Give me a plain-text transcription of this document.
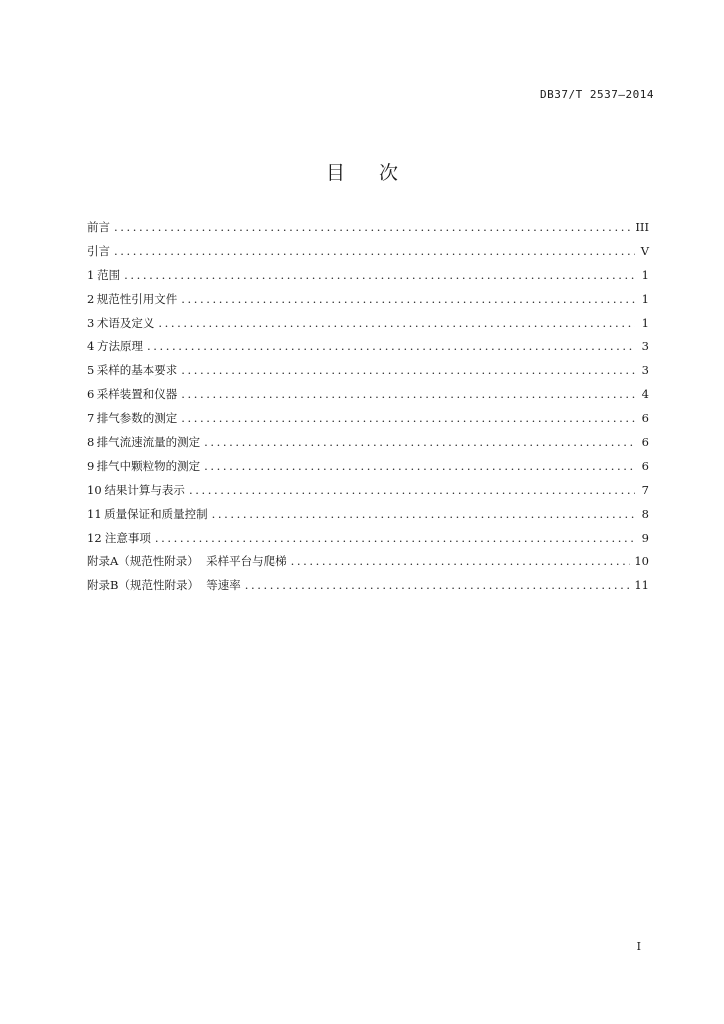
DB37/T 2537—2014
目次
前言 .....	III
引言 .....	V
1 范围 .....	1
2 规范性引用文件 .....	1
3 术语及定义 .....	1
4 方法原理 .....	3
5 采样的基本要求 .....	3
6 采样装置和仪器 .....	4
7 排气参数的测定 .....	6
8 排气流速流量的测定 .....	6
9 排气中颗粒物的测定 .....	6
10 结果计算与表示 .....	7
11 质量保证和质量控制 .....	8
12 注意事项 .....	9
附录A（规范性附录）  采样平台与爬梯 .....	10
附录B（规范性附录）  等速率 .....	11
I
